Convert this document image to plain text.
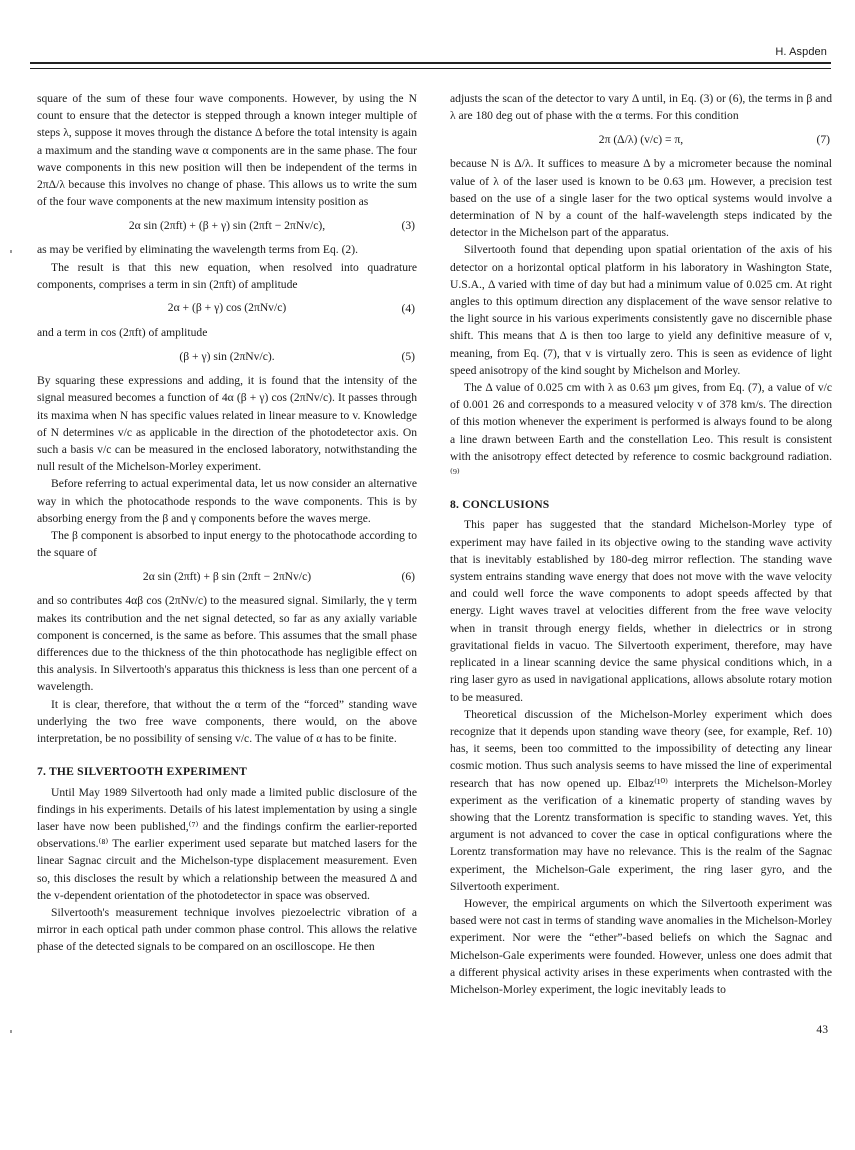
H. Aspden

square of the sum of these four wave components. However, by using the N count to ensure that the detector is stepped through a known integer multiple of steps λ, suppose it moves through the distance Δ before the total intensity is again a maximum and the standing wave α components are in the same phase. The four wave components in this new position will then be independent of the terms in 2πΔ/λ because this involves no change of phase. This allows us to write the sum of the four wave components at the new maximum intensity position as

2α sin (2πft) + (β + γ) sin (2πft − 2πNv/c),	(3)

as may be verified by eliminating the wavelength terms from Eq. (2).

The result is that this new equation, when resolved into quadrature components, comprises a term in sin (2πft) of amplitude

2α + (β + γ) cos (2πNv/c)	(4)

and a term in cos (2πft) of amplitude

(β + γ) sin (2πNv/c).	(5)

By squaring these expressions and adding, it is found that the intensity of the signal measured becomes a function of 4α (β + γ) cos (2πNv/c). It passes through its maxima when N has specific values related in linear measure to v. Knowledge of N determines v/c as applicable in the direction of the photodetector axis. On such a basis v/c can be measured in the enclosed laboratory, notwithstanding the null result of the Michelson-Morley experiment.

Before referring to actual experimental data, let us now consider an alternative way in which the photocathode responds to the wave components. This is by absorbing energy from the β and γ components before the waves merge.

The β component is absorbed to input energy to the photocathode according to the square of

2α sin (2πft) + β sin (2πft − 2πNv/c)	(6)

and so contributes 4αβ cos (2πNv/c) to the measured signal. Similarly, the γ term makes its contribution and the net signal detected, so far as any axially variable component is concerned, is the same as before. This assumes that the small phase differences due to the thickness of the thin photocathode has negligible effect on this analysis. In Silvertooth's apparatus this thickness is less than one percent of a wavelength.

It is clear, therefore, that without the α term of the “forced” standing wave underlying the two free wave components, there would, on the above interpretation, be no possibility of sensing v/c. The value of α has to be finite.

7. THE SILVERTOOTH EXPERIMENT

Until May 1989 Silvertooth had only made a limited public disclosure of the findings in his experiments. Details of his latest implementation by using a single laser have now been published,⁽⁷⁾ and the findings confirm the earlier-reported observations.⁽⁸⁾ The earlier experiment used separate but matched lasers for the linear Sagnac circuit and the Michelson-type displacement measurement. Even so, this discloses the result by which a relationship between the measured Δ and the v-dependent orientation of the photodetector in space was observed.

Silvertooth's measurement technique involves piezoelectric vibration of a mirror in each optical path under common phase control. This allows the relative phase of the detected signals to be compared on an oscilloscope. He then

adjusts the scan of the detector to vary Δ until, in Eq. (3) or (6), the terms in β and λ are 180 deg out of phase with the α terms. For this condition

2π (Δ/λ) (v/c) = π,	(7)

because N is Δ/λ. It suffices to measure Δ by a micrometer because the nominal value of λ of the laser used is known to be 0.63 μm. However, a precision test based on the use of a single laser for the two optical systems would involve a determination of N by a count of the half-wavelength steps indicated by the detector in the Michelson part of the apparatus.

Silvertooth found that depending upon spatial orientation of the axis of his detector on a horizontal optical platform in his laboratory in Washington State, U.S.A., Δ varied with time of day but had a minimum value of 0.025 cm. At right angles to this optimum direction any displacement of the wave sensor relative to the light source in his various experiments consistently gave no discernible phase shift. This means that Δ is then too large to yield any definitive measure of v, meaning, from Eq. (7), that v is virtually zero. This is seen as evidence of light speed anisotropy of the kind sought by Michelson and Morley.

The Δ value of 0.025 cm with λ as 0.63 μm gives, from Eq. (7), a value of v/c of 0.001 26 and corresponds to a measured velocity v of 378 km/s. The direction of this motion whenever the experiment is performed is always found to be along a line drawn between Earth and the constellation Leo. This result is consistent with the anisotropy effect detected by reference to cosmic background radiation.⁽⁹⁾

8. CONCLUSIONS

This paper has suggested that the standard Michelson-Morley type of experiment may have failed in its objective owing to the standing wave activity that is inevitably established by 180-deg mirror reflection. The standing wave system entrains standing wave energy that does not move with the wave velocity and could well force the wave components to adopt speeds affected by that energy. Light waves travel at velocities different from the free wave velocity when in transit through energy fields, whether in dielectrics or in strong gravitational fields in vacuo. The Silvertooth experiment, therefore, may have replicated in a linear scanning device the same physical conditions which, in a ring laser gyro as used in navigational applications, allows absolute rotary motion to be measured.

Theoretical discussion of the Michelson-Morley experiment which does recognize that it depends upon standing wave theory (see, for example, Ref. 10) has, it seems, been too committed to the impossibility of detecting any linear cosmic motion. Thus such analysis seems to have missed the line of experimental research that has now opened up. Elbaz⁽¹⁰⁾ interprets the Michelson-Morley experiment as the verification of a kinematic property of standing waves by showing that the Lorentz transformation is specific to standing waves. Yet, this argument is not advanced to cover the case in optical configurations where the Lorentz transformation may have no relevance. This is the realm of the Sagnac experiment, the Michelson-Gale experiment, the ring laser gyro, and the Silvertooth experiment.

However, the empirical arguments on which the Silvertooth experiment was based were not cast in terms of standing wave anomalies in the Michelson-Morley experiment. Nor were the “ether”-based beliefs on which the Sagnac and Michelson-Gale experiments were founded. However, unless one does admit that a different physical activity arises in these experiments when contrasted with the Michelson-Morley experiment, the logic inevitably leads to

43
